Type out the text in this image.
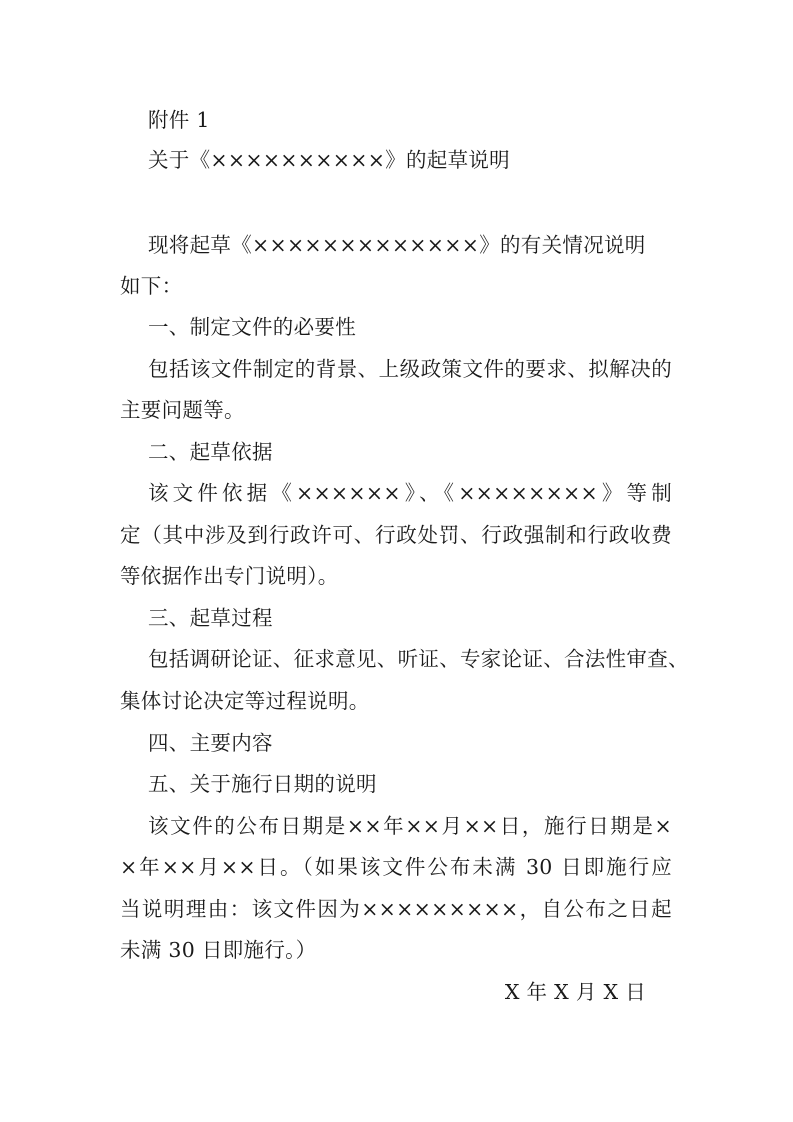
附件 1
关于《××××××××××》的起草说明
现将起草《×××××××××××××》的有关情况说明
如下：
一、制定文件的必要性
包括该文件制定的背景、上级政策文件的要求、拟解决的
主要问题等。
二、起草依据
该文件依据《××××××》、《××××××××》等制
定（其中涉及到行政许可、行政处罚、行政强制和行政收费
等依据作出专门说明）。
三、起草过程
包括调研论证、征求意见、听证、专家论证、合法性审查、
集体讨论决定等过程说明。
四、主要内容
五、关于施行日期的说明
该文件的公布日期是××年××月××日，施行日期是×
×年××月××日。（如果该文件公布未满 30 日即施行应
当说明理由：该文件因为×××××××××，自公布之日起
未满 30 日即施行。）
X 年 X 月 X 日
